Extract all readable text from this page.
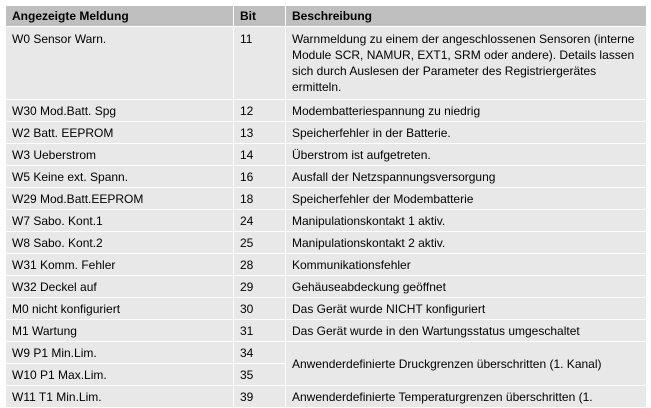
Angezeigte Meldung	Bit	Beschreibung
W0 Sensor Warn.	11	Warnmeldung zu einem der angeschlossenen Sensoren (interne Module SCR, NAMUR, EXT1, SRM oder andere). Details lassen sich durch Auslesen der Parameter des Registriergerätes ermitteln.
W30 Mod.Batt. Spg	12	Modembatteriespannung zu niedrig
W2 Batt. EEPROM	13	Speicherfehler in der Batterie.
W3 Ueberstrom	14	Überstrom ist aufgetreten.
W5 Keine ext. Spann.	16	Ausfall der Netzspannungsversorgung
W29 Mod.Batt.EEPROM	18	Speicherfehler der Modembatterie
W7 Sabo. Kont.1	24	Manipulationskontakt 1 aktiv.
W8 Sabo. Kont.2	25	Manipulationskontakt 2 aktiv.
W31 Komm. Fehler	28	Kommunikationsfehler
W32 Deckel auf	29	Gehäuseabdeckung geöffnet
M0 nicht konfiguriert	30	Das Gerät wurde NICHT konfiguriert
M1 Wartung	31	Das Gerät wurde in den Wartungsstatus umgeschaltet
W9 P1 Min.Lim.	34	Anwenderdefinierte Druckgrenzen überschritten (1. Kanal)
W10 P1 Max.Lim.	35	
W11 T1 Min.Lim.	39	Anwenderdefinierte Temperaturgrenzen überschritten (1.
